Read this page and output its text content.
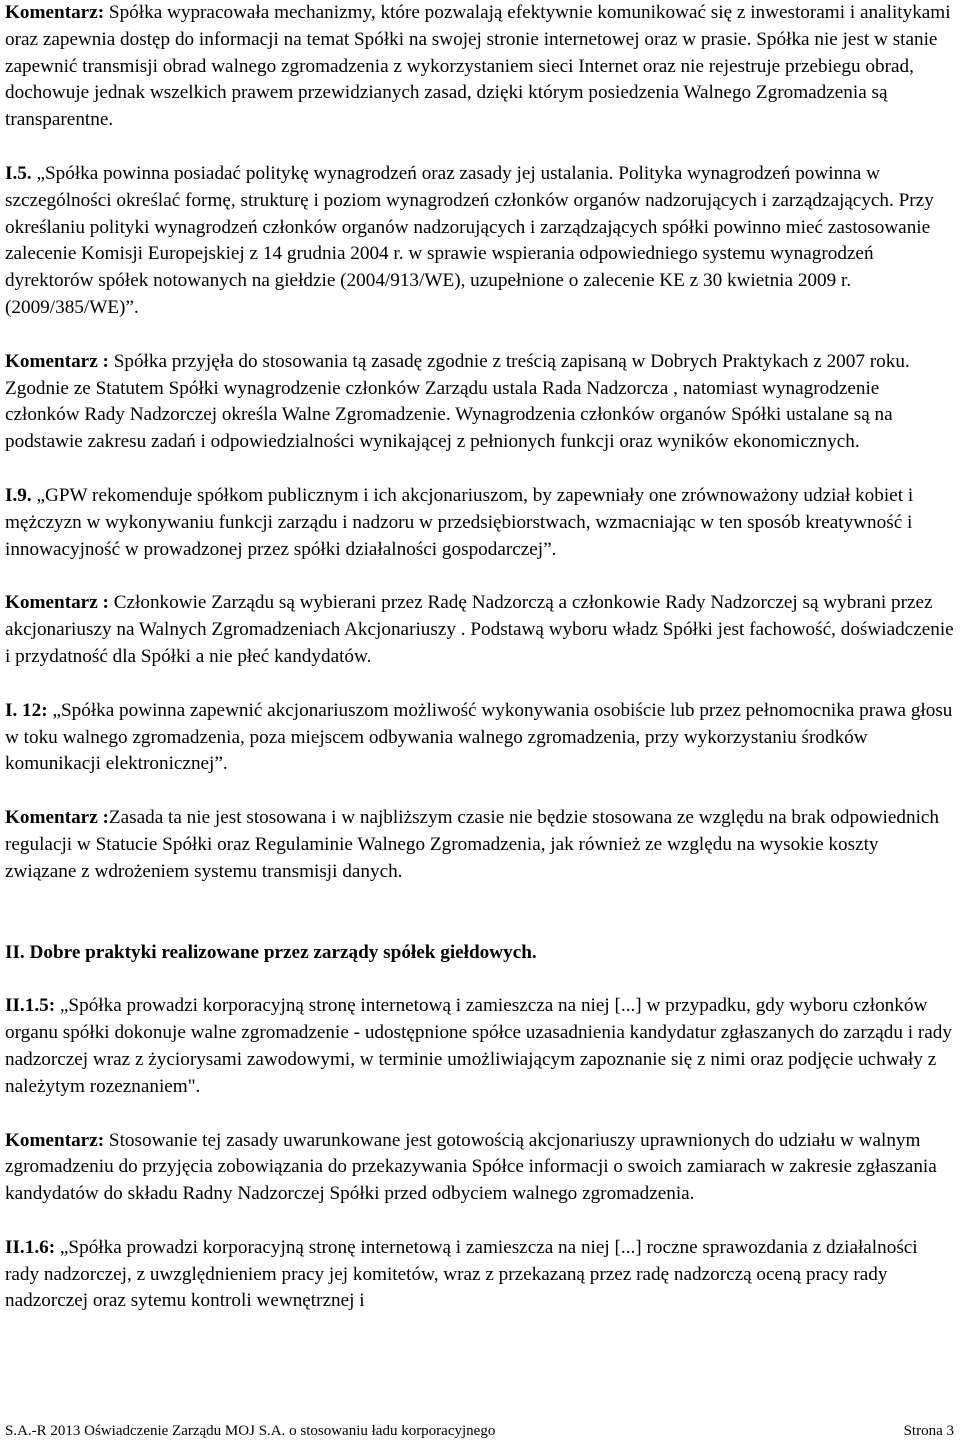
Komentarz: Spółka wypracowała mechanizmy, które pozwalają efektywnie komunikować się z inwestorami i analitykami oraz zapewnia dostęp do informacji na temat Spółki na swojej stronie internetowej oraz w prasie. Spółka nie jest w stanie zapewnić transmisji obrad walnego zgromadzenia z wykorzystaniem sieci Internet oraz nie rejestruje przebiegu obrad, dochowuje jednak wszelkich prawem przewidzianych zasad, dzięki którym posiedzenia Walnego Zgromadzenia są transparentne.

I.5. „Spółka powinna posiadać politykę wynagrodzeń oraz zasady jej ustalania. Polityka wynagrodzeń powinna w szczególności określać formę, strukturę i poziom wynagrodzeń członków organów nadzorujących i zarządzających. Przy określaniu polityki wynagrodzeń członków organów nadzorujących i zarządzających spółki powinno mieć zastosowanie zalecenie Komisji Europejskiej z 14 grudnia 2004 r. w sprawie wspierania odpowiedniego systemu wynagrodzeń dyrektorów spółek notowanych na giełdzie (2004/913/WE), uzupełnione o zalecenie KE z 30 kwietnia 2009 r. (2009/385/WE)”.

Komentarz : Spółka przyjęła do stosowania tą zasadę zgodnie z treścią zapisaną w Dobrych Praktykach z 2007 roku. Zgodnie ze Statutem Spółki wynagrodzenie członków Zarządu ustala Rada Nadzorcza , natomiast wynagrodzenie członków Rady Nadzorczej określa Walne Zgromadzenie. Wynagrodzenia członków organów Spółki ustalane są na podstawie zakresu zadań i odpowiedzialności wynikającej z pełnionych funkcji oraz wyników ekonomicznych.

I.9. „GPW rekomenduje spółkom publicznym i ich akcjonariuszom, by zapewniały one zrównoważony udział kobiet i mężczyzn w wykonywaniu funkcji zarządu i nadzoru w przedsiębiorstwach, wzmacniając w ten sposób kreatywność i innowacyjność w prowadzonej przez spółki działalności gospodarczej”.

Komentarz : Członkowie Zarządu są wybierani przez Radę Nadzorczą a członkowie Rady Nadzorczej są wybrani przez akcjonariuszy na Walnych Zgromadzeniach Akcjonariuszy . Podstawą wyboru władz Spółki jest fachowość, doświadczenie i przydatność dla Spółki a nie płeć kandydatów.

I. 12: „Spółka powinna zapewnić akcjonariuszom możliwość wykonywania osobiście lub przez pełnomocnika prawa głosu w toku walnego zgromadzenia, poza miejscem odbywania walnego zgromadzenia, przy wykorzystaniu środków komunikacji elektronicznej”.

Komentarz :Zasada ta nie jest stosowana i w najbliższym czasie nie będzie stosowana ze względu na brak odpowiednich regulacji w Statucie Spółki oraz Regulaminie Walnego Zgromadzenia, jak również ze względu na wysokie koszty związane z wdrożeniem systemu transmisji danych.

II. Dobre praktyki realizowane przez zarządy spółek giełdowych.

II.1.5: „Spółka prowadzi korporacyjną stronę internetową i zamieszcza na niej [...] w przypadku, gdy wyboru członków organu spółki dokonuje walne zgromadzenie - udostępnione spółce uzasadnienia kandydatur zgłaszanych do zarządu i rady nadzorczej wraz z życiorysami zawodowymi, w terminie umożliwiającym zapoznanie się z nimi oraz podjęcie uchwały z należytym rozeznaniem".

Komentarz: Stosowanie tej zasady uwarunkowane jest gotowością akcjonariuszy uprawnionych do udziału w walnym zgromadzeniu do przyjęcia zobowiązania do przekazywania Spółce informacji o swoich zamiarach w zakresie zgłaszania kandydatów do składu Radny Nadzorczej Spółki przed odbyciem walnego zgromadzenia.

II.1.6: „Spółka prowadzi korporacyjną stronę internetową i zamieszcza na niej [...] roczne sprawozdania z działalności rady nadzorczej, z uwzględnieniem pracy jej komitetów, wraz z przekazaną przez radę nadzorczą oceną pracy rady nadzorczej oraz sytemu kontroli wewnętrznej i

S.A.-R 2013 Oświadczenie Zarządu MOJ S.A. o stosowaniu ładu korporacyjnego	Strona 3
